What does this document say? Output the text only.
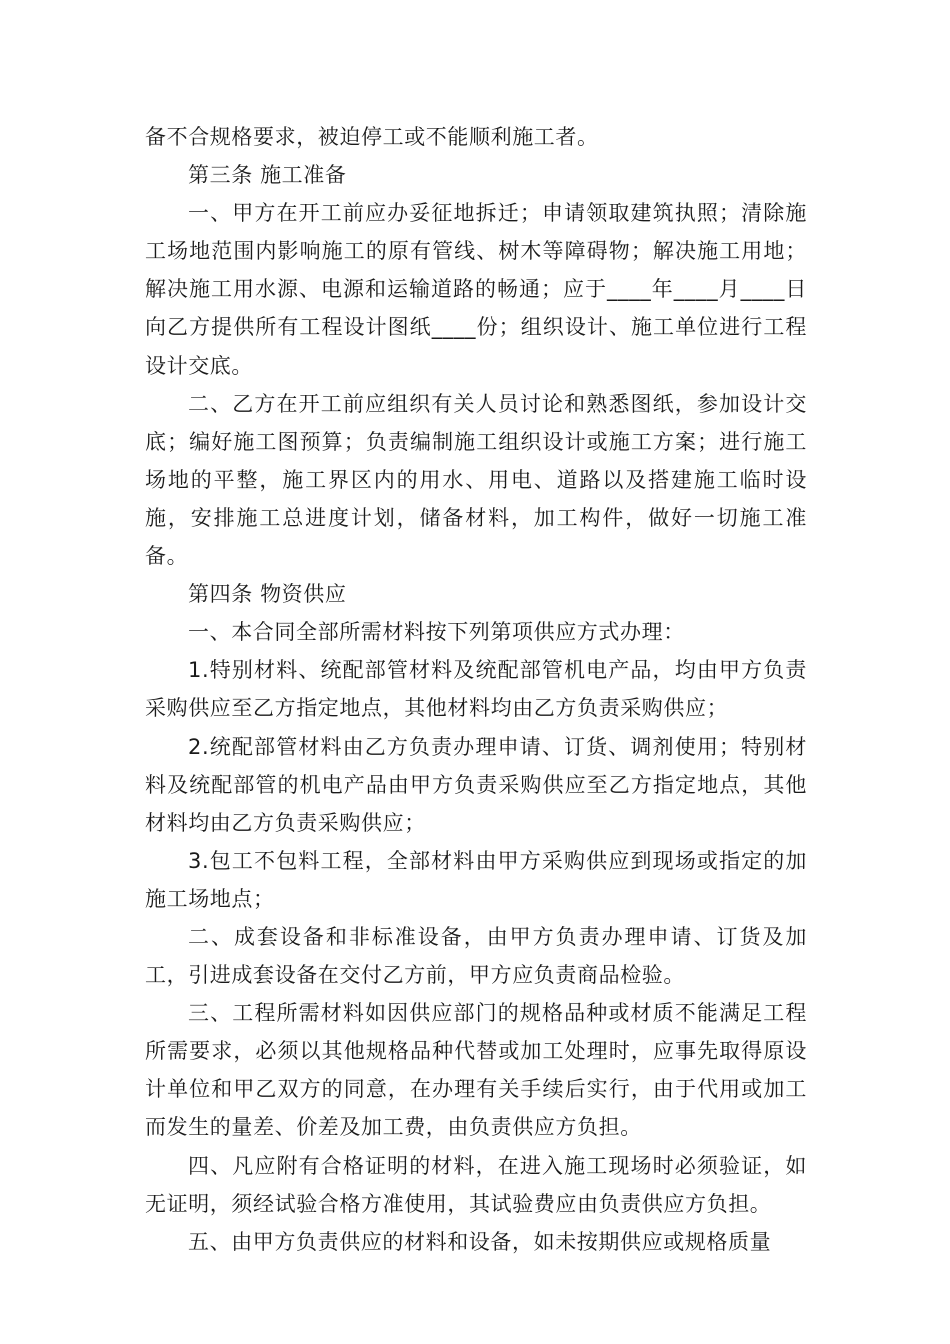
备不合规格要求，被迫停工或不能顺利施工者。

第三条 施工准备

一、甲方在开工前应办妥征地拆迁；申请领取建筑执照；清除施工场地范围内影响施工的原有管线、树木等障碍物；解决施工用地；解决施工用水源、电源和运输道路的畅通；应于____年____月____日向乙方提供所有工程设计图纸____份；组织设计、施工单位进行工程设计交底。

二、乙方在开工前应组织有关人员讨论和熟悉图纸，参加设计交底；编好施工图预算；负责编制施工组织设计或施工方案；进行施工场地的平整，施工界区内的用水、用电、道路以及搭建施工临时设施，安排施工总进度计划，储备材料，加工构件，做好一切施工准备。

第四条 物资供应

一、本合同全部所需材料按下列第项供应方式办理：

1.特别材料、统配部管材料及统配部管机电产品，均由甲方负责采购供应至乙方指定地点，其他材料均由乙方负责采购供应；

2.统配部管材料由乙方负责办理申请、订货、调剂使用；特别材料及统配部管的机电产品由甲方负责采购供应至乙方指定地点，其他材料均由乙方负责采购供应；

3.包工不包料工程，全部材料由甲方采购供应到现场或指定的加施工场地点；

二、成套设备和非标准设备，由甲方负责办理申请、订货及加工，引进成套设备在交付乙方前，甲方应负责商品检验。

三、工程所需材料如因供应部门的规格品种或材质不能满足工程所需要求，必须以其他规格品种代替或加工处理时，应事先取得原设计单位和甲乙双方的同意，在办理有关手续后实行，由于代用或加工而发生的量差、价差及加工费，由负责供应方负担。

四、凡应附有合格证明的材料，在进入施工现场时必须验证，如无证明，须经试验合格方准使用，其试验费应由负责供应方负担。

五、由甲方负责供应的材料和设备，如未按期供应或规格质量
